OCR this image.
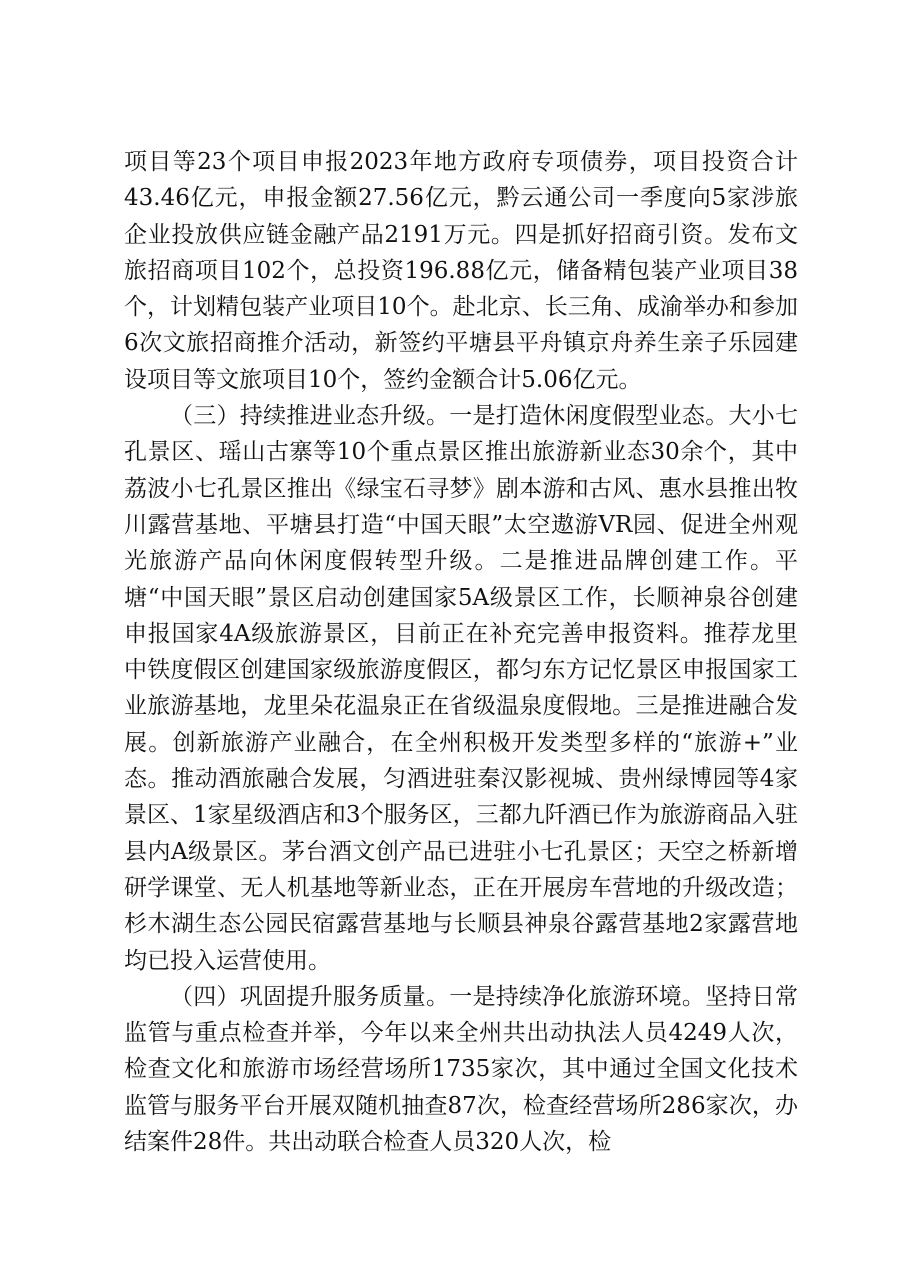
项目等23个项目申报2023年地方政府专项债券，项目投资合计43.46亿元，申报金额27.56亿元，黔云通公司一季度向5家涉旅企业投放供应链金融产品2191万元。四是抓好招商引资。发布文旅招商项目102个，总投资196.88亿元，储备精包装产业项目38个，计划精包装产业项目10个。赴北京、长三角、成渝举办和参加6次文旅招商推介活动，新签约平塘县平舟镇京舟养生亲子乐园建设项目等文旅项目10个，签约金额合计5.06亿元。

（三）持续推进业态升级。一是打造休闲度假型业态。大小七孔景区、瑶山古寨等10个重点景区推出旅游新业态30余个，其中荔波小七孔景区推出《绿宝石寻梦》剧本游和古风、惠水县推出牧川露营基地、平塘县打造“中国天眼”太空遨游VR园、促进全州观光旅游产品向休闲度假转型升级。二是推进品牌创建工作。平塘“中国天眼”景区启动创建国家5A级景区工作，长顺神泉谷创建申报国家4A级旅游景区，目前正在补充完善申报资料。推荐龙里中铁度假区创建国家级旅游度假区，都匀东方记忆景区申报国家工业旅游基地，龙里朵花温泉正在省级温泉度假地。三是推进融合发展。创新旅游产业融合，在全州积极开发类型多样的“旅游+”业态。推动酒旅融合发展，匀酒进驻秦汉影视城、贵州绿博园等4家景区、1家星级酒店和3个服务区，三都九阡酒已作为旅游商品入驻县内A级景区。茅台酒文创产品已进驻小七孔景区；天空之桥新增研学课堂、无人机基地等新业态，正在开展房车营地的升级改造；杉木湖生态公园民宿露营基地与长顺县神泉谷露营基地2家露营地均已投入运营使用。

（四）巩固提升服务质量。一是持续净化旅游环境。坚持日常监管与重点检查并举，今年以来全州共出动执法人员4249人次，检查文化和旅游市场经营场所1735家次，其中通过全国文化技术监管与服务平台开展双随机抽查87次，检查经营场所286家次，办结案件28件。共出动联合检查人员320人次，检
